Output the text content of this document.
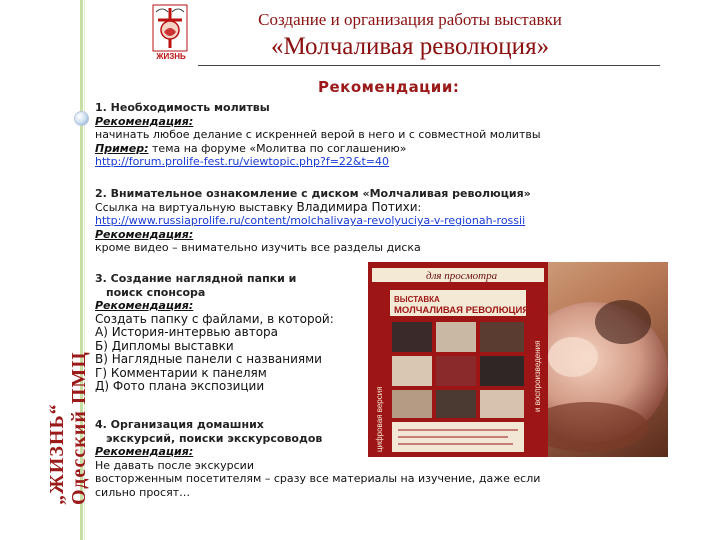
ЖИЗНЬ
Создание и организация работы выставки
«Молчаливая революция»
Рекомендации:
„ЖИЗНЬ“ Одесский ПМЦ
1. Необходимость молитвы
Рекомендация:
начинать любое делание с искренней верой в него и с совместной молитвы
Пример: тема на форуме «Молитва по соглашению»
http://forum.prolife-fest.ru/viewtopic.php?f=22&t=40
2. Внимательное ознакомление с диском «Молчаливая революция»
Ссылка на виртуальную выставку Владимира Потихи:
http://www.russiaprolife.ru/content/molchalivaya-revolyuciya-v-regionah-rossii
Рекомендация:
кроме видео – внимательно изучить все разделы диска
3. Создание наглядной папки и
поиск спонсора
Рекомендация:
Создать папку с файлами, в которой:
А) История-интервью автора
Б) Дипломы выставки
В) Наглядные панели с названиями
Г) Комментарии к панелям
Д) Фото плана экспозиции
4. Организация домашних
экскурсий, поиски экскурсоводов
Рекомендация:
Не давать после экскурсии
восторженным посетителям – сразу все материалы на изучение, даже если
сильно просят…
для просмотра
ВЫСТАВКА
МОЛЧАЛИВАЯ РЕВОЛЮЦИЯ
цифровая версия
и воспроизведения
